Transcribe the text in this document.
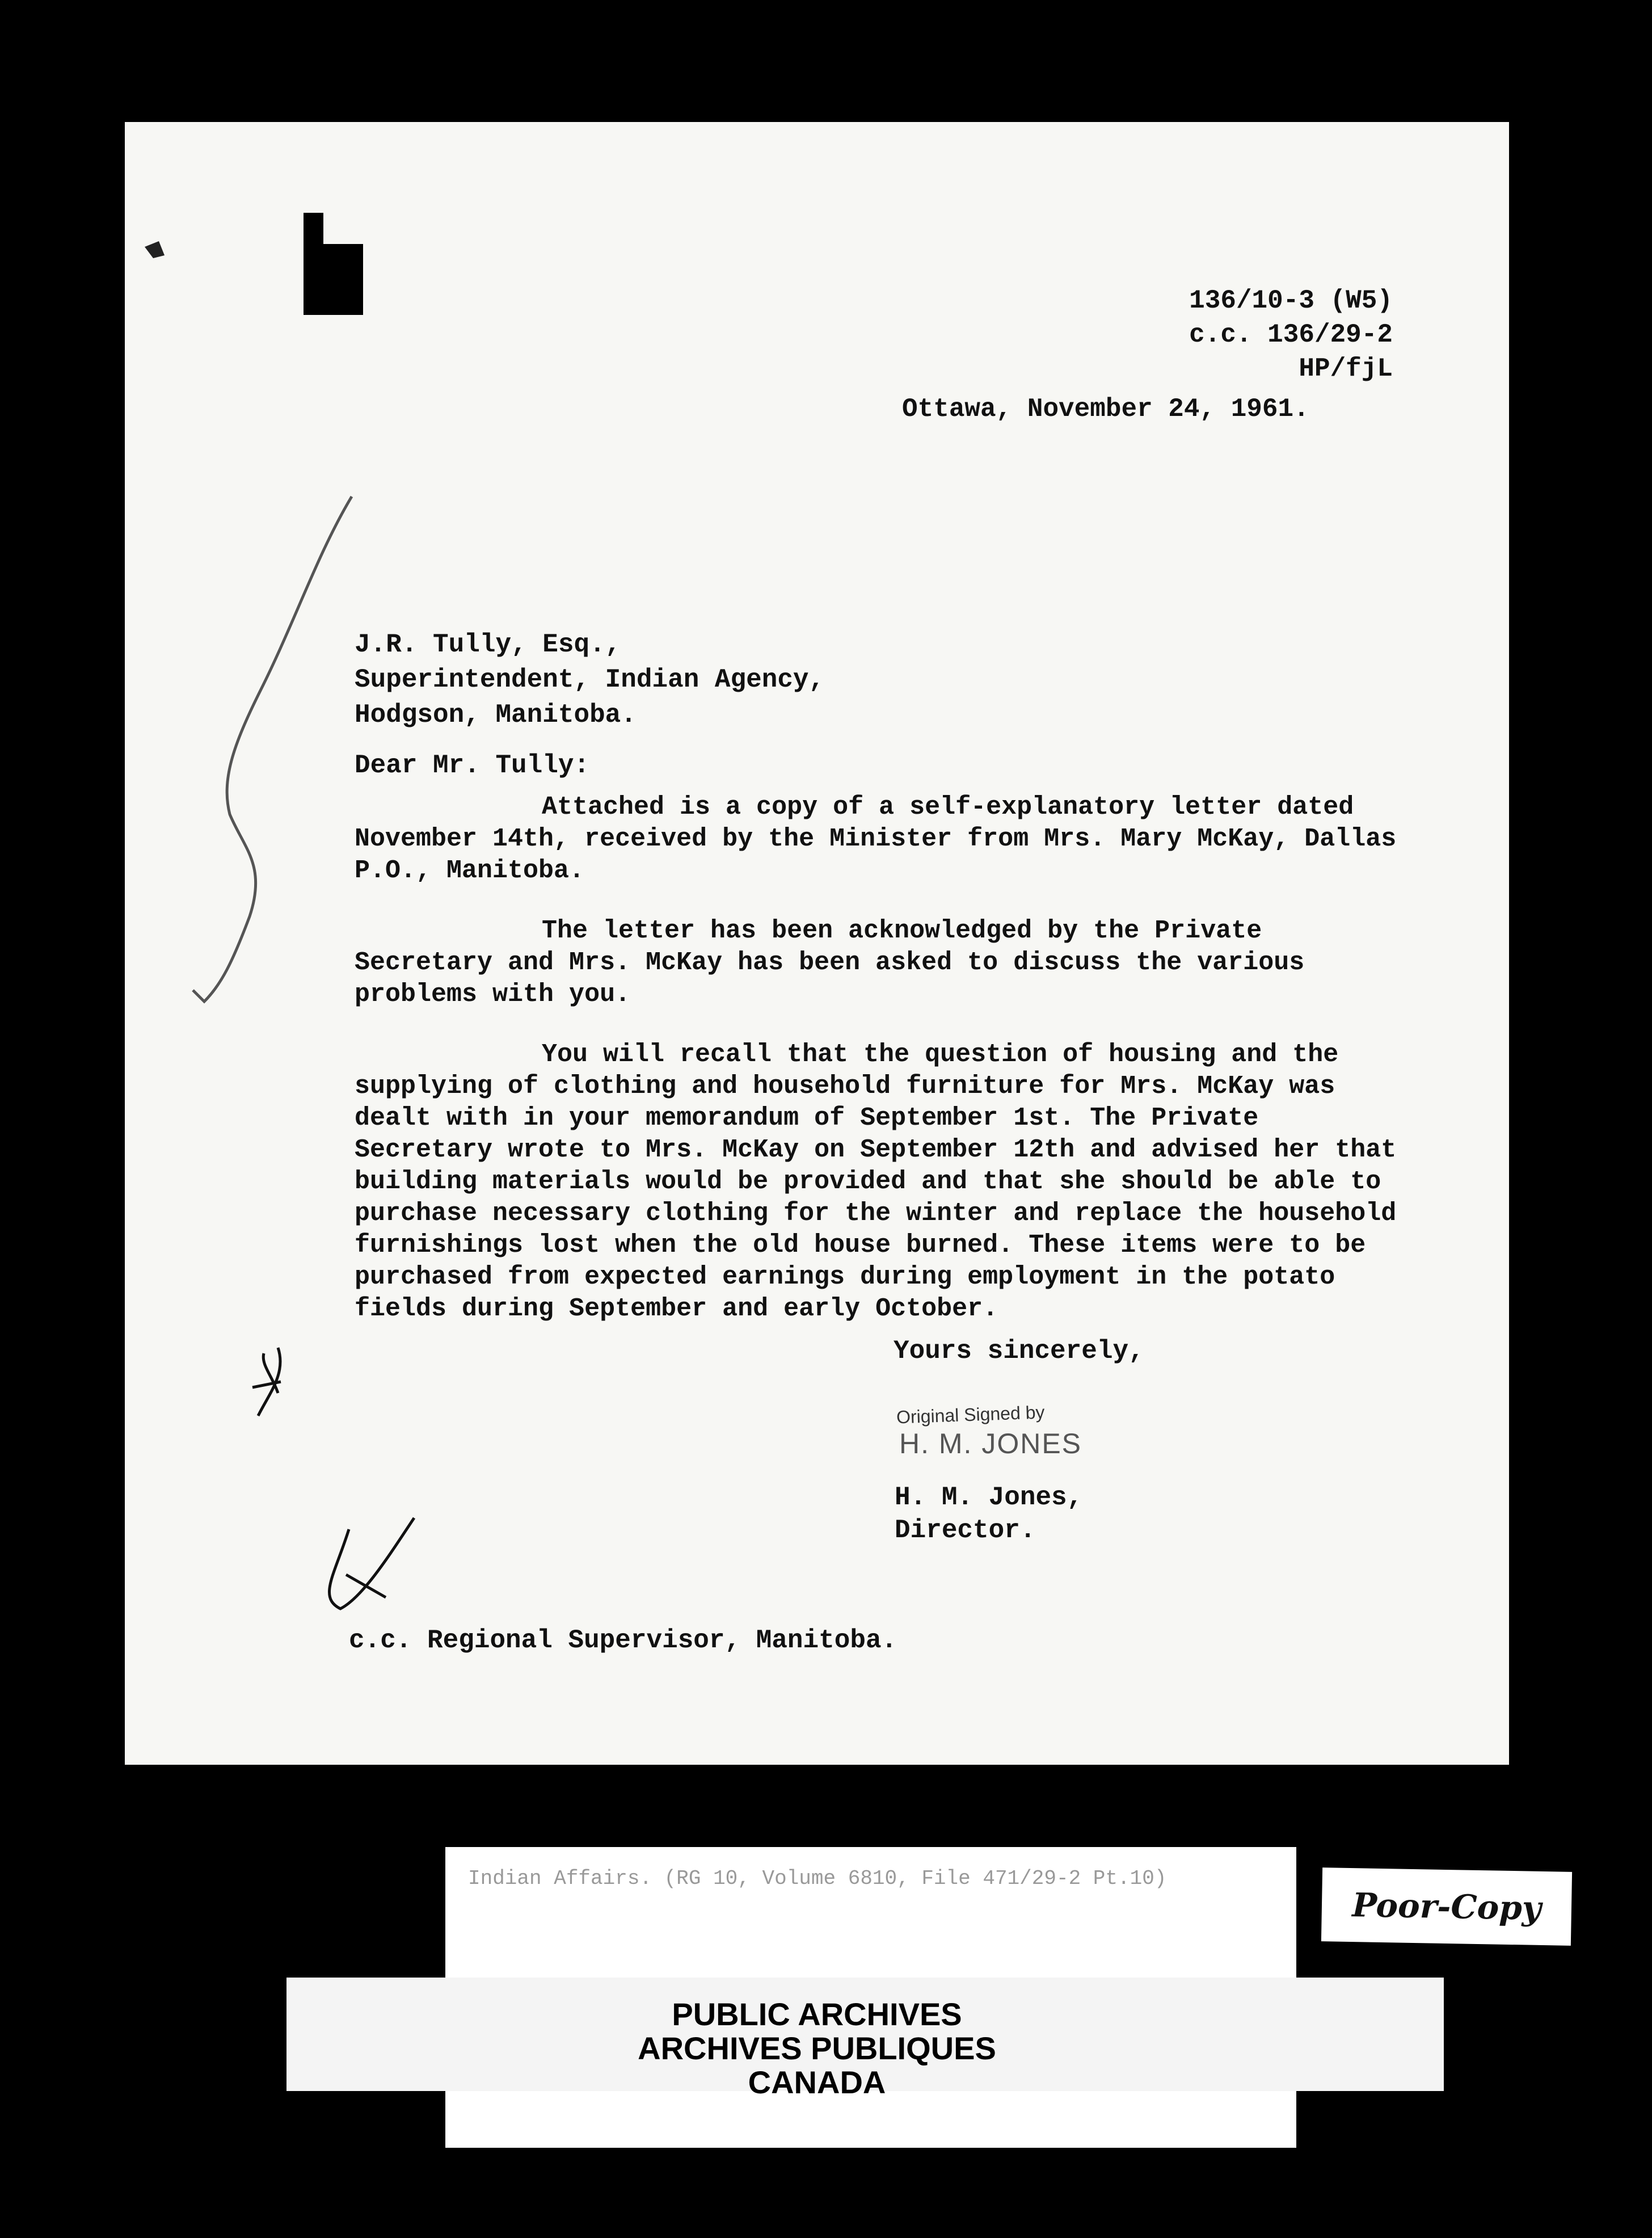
136/10-3 (W5)
c.c. 136/29-2
HP/fjL
Ottawa, November 24, 1961.
J.R. Tully, Esq.,
Superintendent, Indian Agency,
Hodgson, Manitoba.
Dear Mr. Tully:

Attached is a copy of a self-explanatory letter dated November 14th, received by the Minister from Mrs. Mary McKay, Dallas P.O., Manitoba.

The letter has been acknowledged by the Private Secretary and Mrs. McKay has been asked to discuss the various problems with you.

You will recall that the question of housing and the supplying of clothing and household furniture for Mrs. McKay was dealt with in your memorandum of September 1st. The Private Secretary wrote to Mrs. McKay on September 12th and advised her that building materials would be provided and that she should be able to purchase necessary clothing for the winter and replace the household furnishings lost when the old house burned. These items were to be purchased from expected earnings during employment in the potato fields during September and early October.

Yours sincerely,
Original Signed by
H. M. JONES
H. M. Jones,
Director.
c.c. Regional Supervisor, Manitoba.
Indian Affairs. (RG 10, Volume 6810, File 471/29-2 Pt.10)
Poor-Copy
PUBLIC ARCHIVES
ARCHIVES PUBLIQUES
CANADA
